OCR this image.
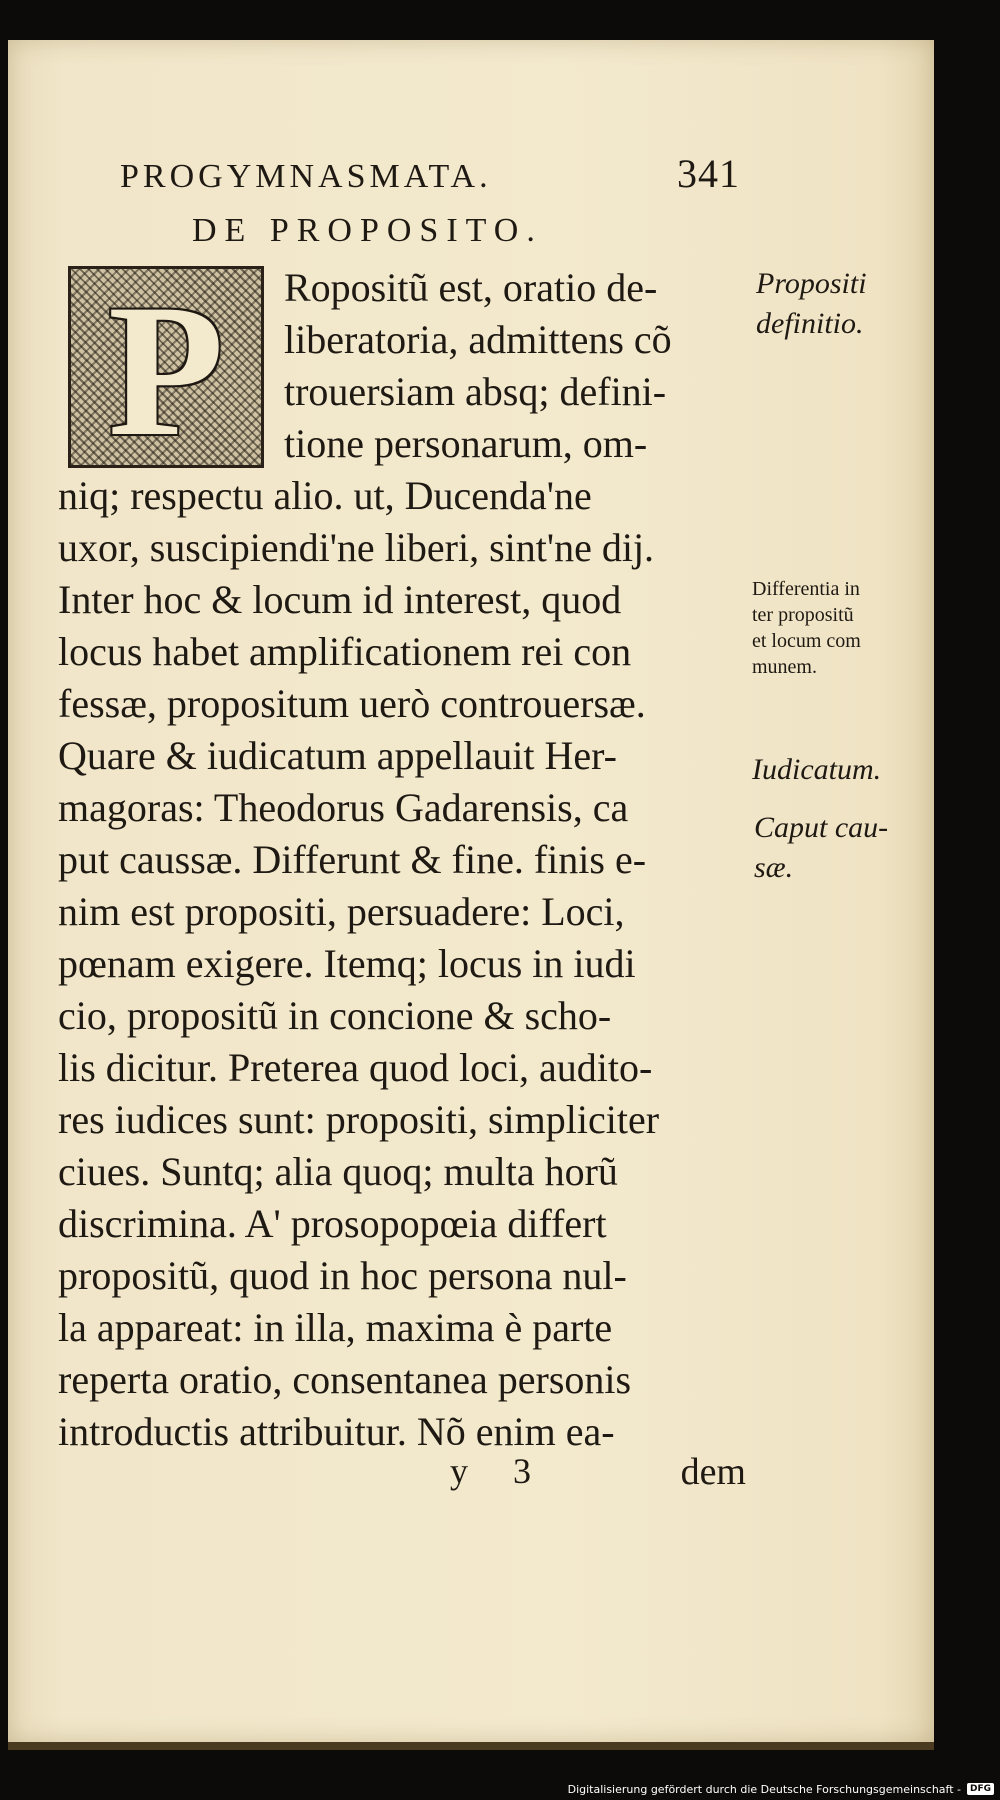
PROGYMNASMATA.	341
DE PROPOSITO.
P Ropositũ est, oratio de-
liberatoria, admittens cõ
trouersiam absq; defini-
tione personarum, om-
niq; respectu alio. ut, Ducenda'ne
uxor, suscipiendi'ne liberi, sint'ne dij.
Inter hoc & locum id interest, quod
locus habet amplificationem rei con
fessæ, propositum uerò controuersæ.
Quare & iudicatum appellauit Her-
magoras: Theodorus Gadarensis, ca
put caussæ. Differunt & fine. finis e-
nim est propositi, persuadere: Loci,
pœnam exigere. Itemq; locus in iudi
cio, propositũ in concione & scho-
lis dicitur. Preterea quod loci, audito-
res iudices sunt: propositi, simpliciter
ciues. Suntq; alia quoq; multa horũ
discrimina. A' prosopopœia differt
propositũ, quod in hoc persona nul-
la appareat: in illa, maxima è parte
reperta oratio, consentanea personis
introductis attribuitur. Nõ enim ea-
y 3	dem
Propositi
definitio.
Differentia in
ter propositũ
et locum com
munem.
Iudicatum.
Caput cau-
sæ.
Digitalisierung gefördert durch die Deutsche Forschungsgemeinschaft -	DFG
